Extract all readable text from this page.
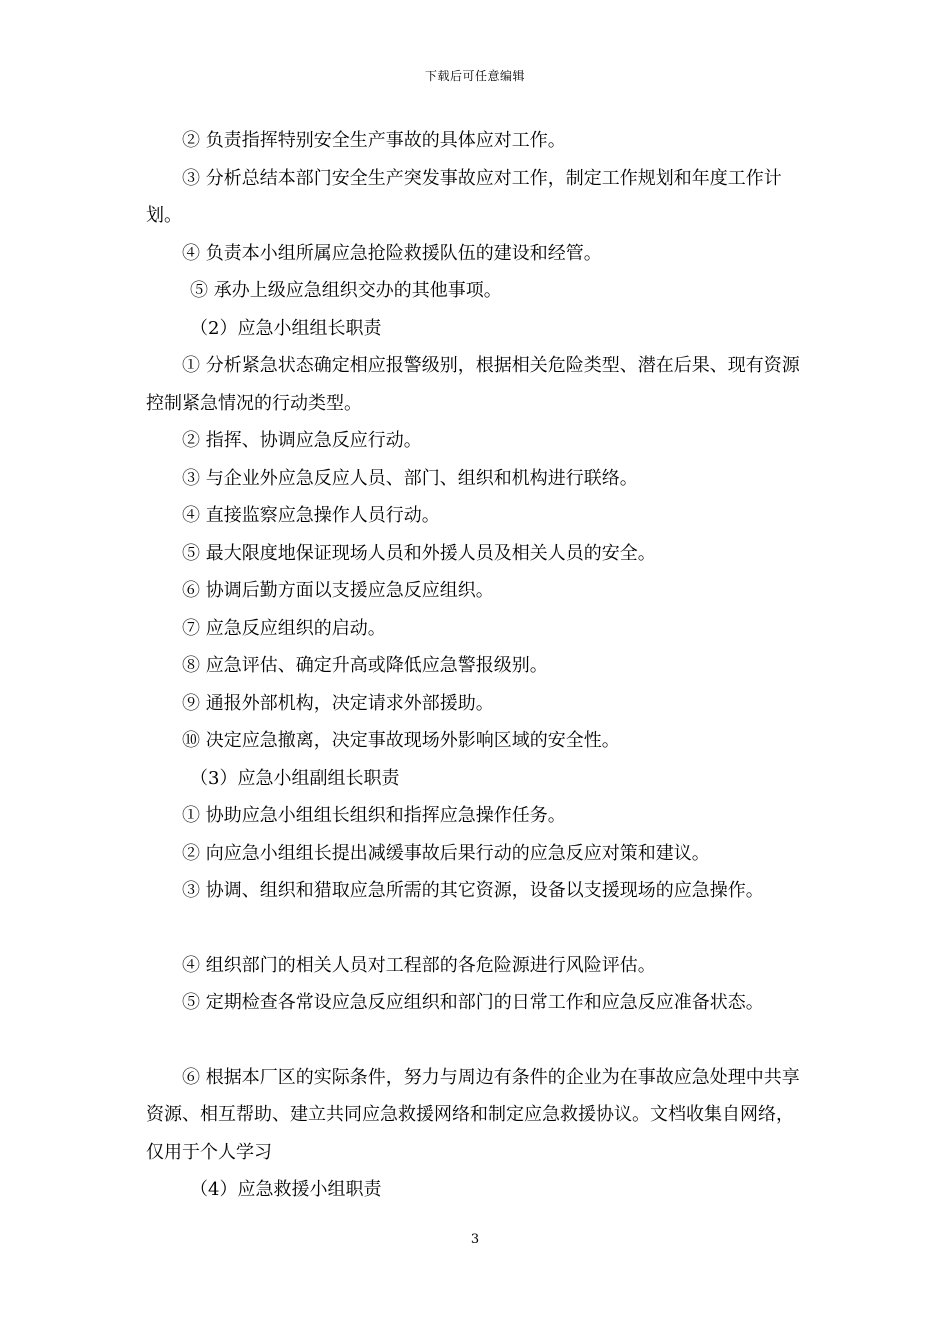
下载后可任意编辑

② 负责指挥特别安全生产事故的具体应对工作。

③ 分析总结本部门安全生产突发事故应对工作，制定工作规划和年度工作计划。

④ 负责本小组所属应急抢险救援队伍的建设和经管。

⑤ 承办上级应急组织交办的其他事项。

（2）应急小组组长职责

① 分析紧急状态确定相应报警级别，根据相关危险类型、潜在后果、现有资源控制紧急情况的行动类型。

② 指挥、协调应急反应行动。

③ 与企业外应急反应人员、部门、组织和机构进行联络。

④ 直接监察应急操作人员行动。

⑤ 最大限度地保证现场人员和外援人员及相关人员的安全。

⑥ 协调后勤方面以支援应急反应组织。

⑦ 应急反应组织的启动。

⑧ 应急评估、确定升高或降低应急警报级别。

⑨ 通报外部机构，决定请求外部援助。

⑩ 决定应急撤离，决定事故现场外影响区域的安全性。

（3）应急小组副组长职责

① 协助应急小组组长组织和指挥应急操作任务。

② 向应急小组组长提出减缓事故后果行动的应急反应对策和建议。

③ 协调、组织和猎取应急所需的其它资源，设备以支援现场的应急操作。

④ 组织部门的相关人员对工程部的各危险源进行风险评估。

⑤ 定期检查各常设应急反应组织和部门的日常工作和应急反应准备状态。

⑥ 根据本厂区的实际条件，努力与周边有条件的企业为在事故应急处理中共享资源、相互帮助、建立共同应急救援网络和制定应急救援协议。文档收集自网络，仅用于个人学习

（4）应急救援小组职责

3
